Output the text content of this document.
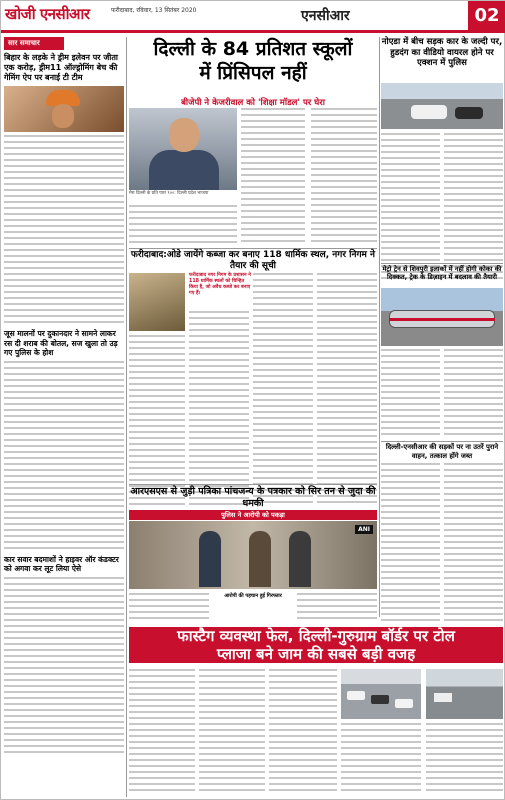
खोजी एनसीआर	फरीदाबाद, रविवार, 13 सितंबर 2020	एनसीआर	02
सार समाचार
बिहार के लड़के ने ड्रीम इलेवन पर जीता एक करोड़, ड्रीम11 ऑल्ड्रोमिंग बेच की गेमिंग ऐप पर बनाई टी टीम
जूस मालनों पर दुकानदार ने सामने लाकर रस दी शराब की बोतल, सज खुला तो उड़ गए पुलिस के होश
कार सवार बदमाशों ने हाइवर ऑर कंडक्टर को अगवा कर लूट लिया ऐसे
दिल्ली के 84 प्रतिशत स्कूलों
में प्रिंसिपल नहीं
बीजेपी ने केजरीवाल को 'शिक्षा मॉडल' पर घेरा
मेरा दिल्ली के प्रति प्यार ९००: दिल्ली प्रदेश भाजपा
नोएडा में बीच सड़क कार के जल्दी पर, हुडदंग का वीडियो वायरल होने पर एक्शन में पुलिस
फरीदाबाद:ओडे जायेंगे कब्जा कर बनाए 118 धार्मिक स्थल, नगर निगम ने तैयार की सूची
फरीदाबाद नगर निगम के प्रशासन ने 118 धार्मिक स्थलों को चिन्हित किया है, जो अवैध कब्जे कर बनाए गए हैं।
मेट्रो ट्रेन से शिवपुरी इलाकों में नहीं होगी कोका की दिक्कत, ट्रेक के डिज़ाइन में बदलाव की तैयारी
आरएसएस से जुड़ी पत्रिका पांचजन्य के पत्रकार को सिर तन से जुदा की धमकी
पुलिस ने आरोपी को पकड़ा
ANI
आरोपी की पहचान हुई गिरफ्तार
दिल्ली-एनसीआर की सड़कों पर ना उतरें पुराने वाहन, तत्काल होंगे जब्त
फास्टैग व्यवस्था फेल, दिल्ली-गुरुग्राम बॉर्डर पर टोल
प्लाजा बने जाम की सबसे बड़ी वजह
